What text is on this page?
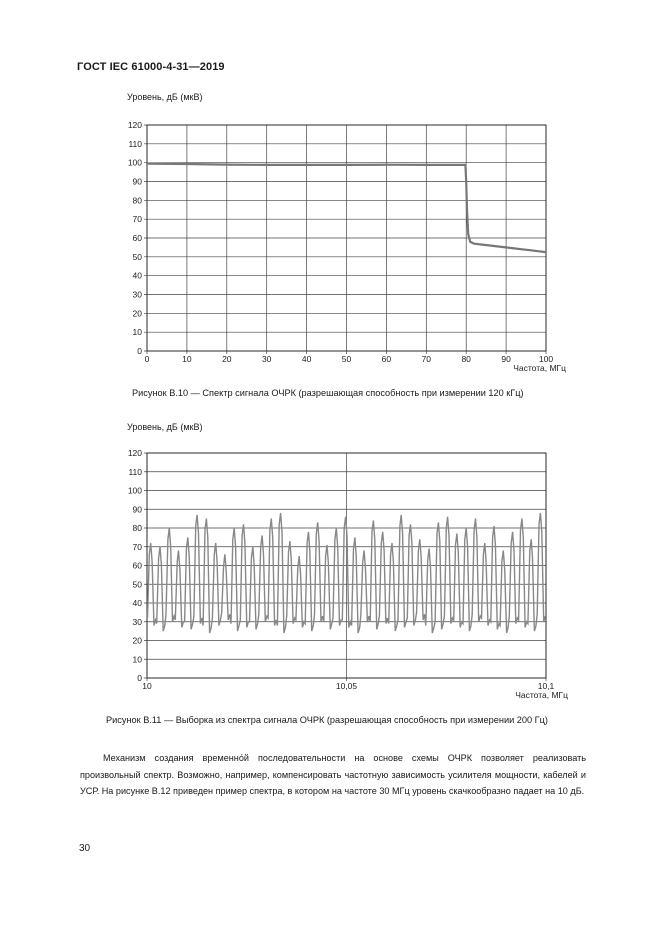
ГОСТ IEC 61000-4-31—2019
Уровень, дБ (мкВ)
0
10
20
30
40
50
60
70
80
90
100
110
120
0	10	20	30	40	50	60	70	80	90	100
Частота, МГц
Рисунок В.10 — Спектр сигнала ОЧРК (разрешающая способность при измерении 120 кГц)
Уровень, дБ (мкВ)
0
10
20
30
40
50
60
70
80
90
100
110
120
10	10,05	10,1
Частота, МГц
Рисунок В.11 — Выборка из спектра сигнала ОЧРК (разрешающая способность при измерении 200 Гц)

Механизм создания временно́й последовательности на основе схемы ОЧРК позволяет реализовать произвольный спектр. Возможно, например, компенсировать частотную зависимость усилителя мощности, кабелей и УСР. На рисунке В.12 приведен пример спектра, в котором на частоте 30 МГц уровень скачкообразно падает на 10 дБ.

30
